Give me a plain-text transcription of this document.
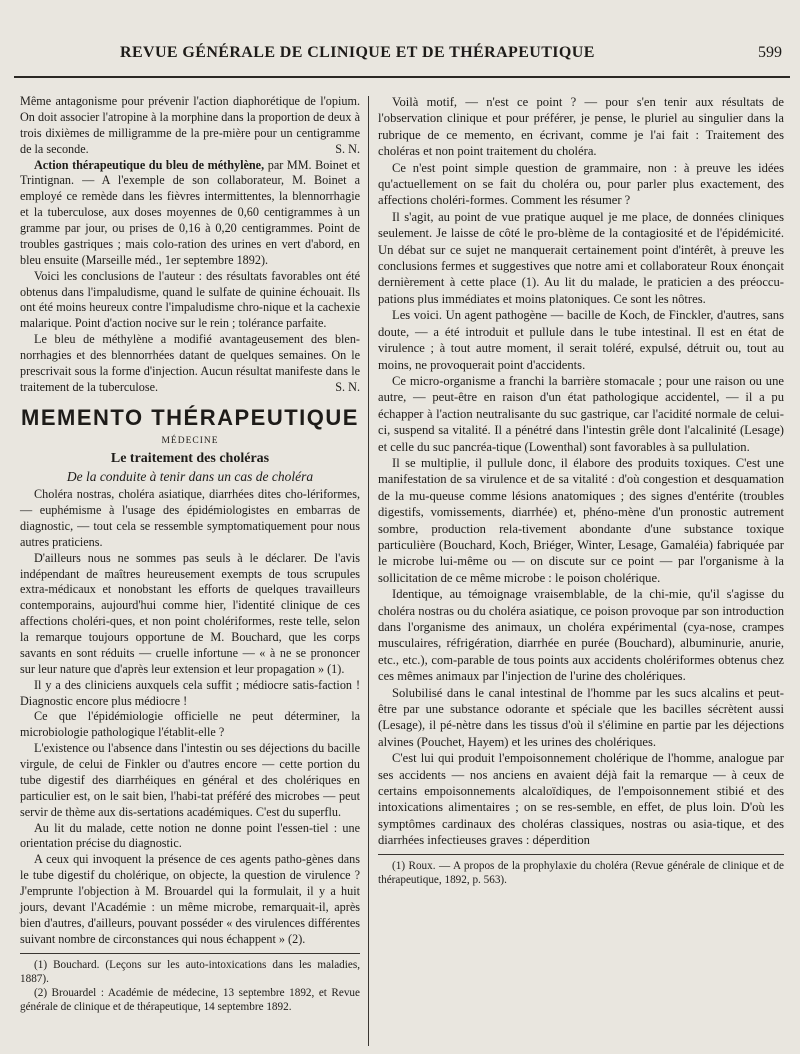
REVUE GÉNÉRALE DE CLINIQUE ET DE THÉRAPEUTIQUE	599

Même antagonisme pour prévenir l'action diaphorétique de l'opium. On doit associer l'atropine à la morphine dans la proportion de deux à trois dixièmes de milligramme de la pre-mière pour un centigramme de la seconde.	S. N.

Action thérapeutique du bleu de méthylène, par MM. Boinet et Trintignan. — A l'exemple de son collaborateur, M. Boinet a employé ce remède dans les fièvres intermittentes, la blennorrhagie et la tuberculose, aux doses moyennes de 0,60 centigrammes à un gramme par jour, ou prises de 0,16 à 0,20 centigrammes. Point de troubles gastriques ; mais colo-ration des urines en vert d'abord, en bleu ensuite (Marseille méd., 1er septembre 1892).

Voici les conclusions de l'auteur : des résultats favorables ont été obtenus dans l'impaludisme, quand le sulfate de quinine échouait. Ils ont été moins heureux contre l'impaludisme chro-nique et la cachexie malarique. Point d'action nocive sur le rein ; tolérance parfaite.

Le bleu de méthylène a modifié avantageusement des blen-norrhagies et des blennorrhées datant de quelques semaines. On le prescrivait sous la forme d'injection. Aucun résultat manifeste dans le traitement de la tuberculose.	S. N.

MEMENTO THÉRAPEUTIQUE
MÉDECINE
Le traitement des choléras
De la conduite à tenir dans un cas de choléra

Choléra nostras, choléra asiatique, diarrhées dites cho-lériformes, — euphémisme à l'usage des épidémiologistes en embarras de diagnostic, — tout cela se ressemble symptomatiquement pour nous autres praticiens.

D'ailleurs nous ne sommes pas seuls à le déclarer. De l'avis indépendant de maîtres heureusement exempts de tous scrupules extra-médicaux et nonobstant les efforts de quelques travailleurs contemporains, aujourd'hui comme hier, l'identité clinique de ces affections choléri-ques, et non point cholériformes, reste telle, selon la remarque toujours opportune de M. Bouchard, que les corps savants en sont réduits — cruelle infortune — « à ne se prononcer sur leur nature que d'après leur extension et leur propagation » (1).

Il y a des cliniciens auxquels cela suffit ; médiocre satis-faction ! Diagnostic encore plus médiocre !

Ce que l'épidémiologie officielle ne peut déterminer, la microbiologie pathologique l'établit-elle ?

L'existence ou l'absence dans l'intestin ou ses déjections du bacille virgule, de celui de Finkler ou d'autres encore — cette portion du tube digestif des diarrhéiques en général et des cholériques en particulier est, on le sait bien, l'habi-tat préféré des microbes — peut servir de thème aux dis-sertations académiques. C'est du superflu.

Au lit du malade, cette notion ne donne point l'essen-tiel : une orientation précise du diagnostic.

A ceux qui invoquent la présence de ces agents patho-gènes dans le tube digestif du cholérique, on objecte, la question de virulence ? J'emprunte l'objection à M. Brouardel qui la formulait, il y a huit jours, devant l'Académie : un même microbe, remarquait-il, après bien d'autres, d'ailleurs, pouvant posséder « des virulences différentes suivant nombre de circonstances qui nous échappent » (2).

(1) Bouchard. (Leçons sur les auto-intoxications dans les maladies, 1887).

(2) Brouardel : Académie de médecine, 13 septembre 1892, et Revue générale de clinique et de thérapeutique, 14 septembre 1892.

Voilà motif, — n'est ce point ? — pour s'en tenir aux résultats de l'observation clinique et pour préférer, je pense, le pluriel au singulier dans la rubrique de ce memento, en écrivant, comme je l'ai fait : Traitement des choléras et non point traitement du choléra.

Ce n'est point simple question de grammaire, non : à preuve les idées qu'actuellement on se fait du choléra ou, pour parler plus exactement, des affections choléri-formes. Comment les résumer ?

Il s'agit, au point de vue pratique auquel je me place, de données cliniques seulement. Je laisse de côté le pro-blème de la contagiosité et de l'épidémicité. Un débat sur ce sujet ne manquerait certainement point d'intérêt, à preuve les conclusions fermes et suggestives que notre ami et collaborateur Roux énonçait dernièrement à cette place (1). Au lit du malade, le praticien a des préoccu-pations plus immédiates et moins platoniques. Ce sont les nôtres.

Les voici. Un agent pathogène — bacille de Koch, de Finckler, d'autres, sans doute, — a été introduit et pullule dans le tube intestinal. Il est en état de virulence ; à tout autre moment, il serait toléré, expulsé, détruit ou, tout au moins, ne provoquerait point d'accidents.

Ce micro-organisme a franchi la barrière stomacale ; pour une raison ou une autre, — peut-être en raison d'un état pathologique accidentel, — il a pu échapper à l'action neutralisante du suc gastrique, car l'acidité normale de celui-ci, suspend sa vitalité. Il a pénétré dans l'intestin grêle dont l'alcalinité (Lesage) et celle du suc pancréa-tique (Lowenthal) sont favorables à sa pullulation.

Il se multiplie, il pullule donc, il élabore des produits toxiques. C'est une manifestation de sa virulence et de sa vitalité : d'où congestion et desquamation de la mu-queuse comme lésions anatomiques ; des signes d'entérite (troubles digestifs, vomissements, diarrhée) et, phéno-mène d'un pronostic autrement sombre, production rela-tivement abondante d'une substance toxique particulière (Bouchard, Koch, Briéger, Winter, Lesage, Gamaléia) fabriquée par le microbe lui-même ou — on discute sur ce point — par l'organisme à la sollicitation de ce même microbe : le poison cholérique.

Identique, au témoignage vraisemblable, de la chi-mie, qu'il s'agisse du choléra nostras ou du choléra asiatique, ce poison provoque par son introduction dans l'organisme des animaux, un choléra expérimental (cya-nose, crampes musculaires, réfrigération, diarrhée en purée (Bouchard), albuminurie, anurie, etc., etc.), com-parable de tous points aux accidents cholériformes obtenus chez ces mêmes animaux par l'injection de l'urine des cholériques.

Solubilisé dans le canal intestinal de l'homme par les sucs alcalins et peut-être par une substance odorante et spéciale que les bacilles sécrètent aussi (Lesage), il pé-nètre dans les tissus d'où il s'élimine en partie par les déjections alvines (Pouchet, Hayem) et les urines des cholériques.

C'est lui qui produit l'empoisonnement cholérique de l'homme, analogue par ses accidents — nos anciens en avaient déjà fait la remarque — à ceux de certains empoisonnements alcaloïdiques, de l'empoisonnement stibié et des intoxications alimentaires ; on se res-semble, en effet, de plus loin. D'où les symptômes cardinaux des choléras classiques, nostras ou asia-tique, et des diarrhées infectieuses graves : déperdition

(1) Roux. — A propos de la prophylaxie du choléra (Revue générale de clinique et de thérapeutique, 1892, p. 563).
